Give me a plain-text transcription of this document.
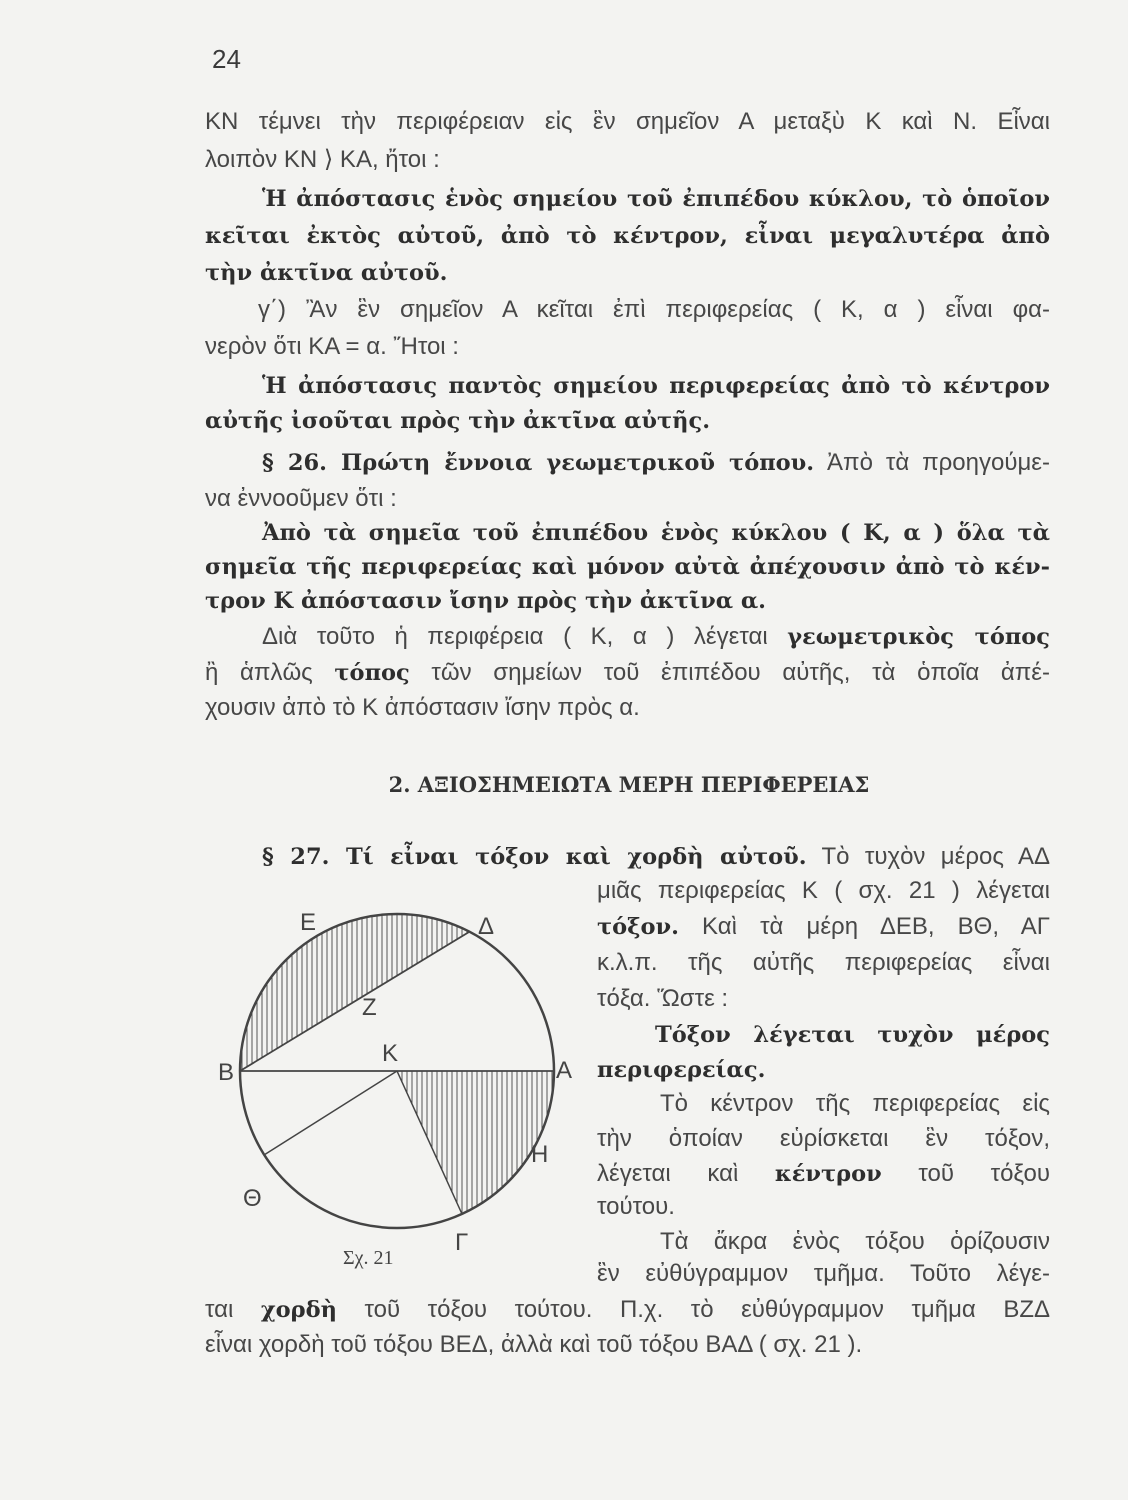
24
KN τέμνει τὴν περιφέρειαν εἰς ἓν σημεῖον Α μεταξὺ Κ καὶ Ν. Εἶναι
λοιπὸν ΚΝ ⟩ ΚΑ, ἤτοι :
Ἡ ἀπόστασις ἑνὸς σημείου τοῦ ἐπιπέδου κύκλου, τὸ ὁποῖον
κεῖται ἐκτὸς αὐτοῦ, ἀπὸ τὸ κέντρον, εἶναι μεγαλυτέρα ἀπὸ
τὴν ἀκτῖνα αὐτοῦ.
γ΄) Ἂν ἓν σημεῖον Α κεῖται ἐπὶ περιφερείας ( Κ, α ) εἶναι φα-
νερὸν ὅτι ΚΑ = α. Ἤτοι :
Ἡ ἀπόστασις παντὸς σημείου περιφερείας ἀπὸ τὸ κέντρον
αὐτῆς ἰσοῦται πρὸς τὴν ἀκτῖνα αὐτῆς.
§ 26. Πρώτη ἔννοια γεωμετρικοῦ τόπου. Ἀπὸ τὰ προηγούμε-
να ἐννοοῦμεν ὅτι :
Ἀπὸ τὰ σημεῖα τοῦ ἐπιπέδου ἑνὸς κύκλου ( Κ, α ) ὅλα τὰ
σημεῖα τῆς περιφερείας καὶ μόνον αὐτὰ ἀπέχουσιν ἀπὸ τὸ κέν-
τρον Κ ἀπόστασιν ἴσην πρὸς τὴν ἀκτῖνα α.
Διὰ τοῦτο ἡ περιφέρεια ( Κ, α ) λέγεται γεωμετρικὸς τόπος
ἢ ἁπλῶς τόπος τῶν σημείων τοῦ ἐπιπέδου αὐτῆς, τὰ ὁποῖα ἀπέ-
χουσιν ἀπὸ τὸ Κ ἀπόστασιν ἴσην πρὸς α.
§ 27. Τί εἶναι τόξον καὶ χορδὴ αὐτοῦ. Τὸ τυχὸν μέρος ΑΔ
μιᾶς περιφερείας Κ ( σχ. 21 ) λέγεται
τόξον. Καὶ τὰ μέρη ΔΕΒ, ΒΘ, ΑΓ
κ.λ.π. τῆς αὐτῆς περιφερείας εἶναι
τόξα. Ὥστε :
Τόξον λέγεται τυχὸν μέρος
περιφερείας.
Τὸ κέντρον τῆς περιφερείας εἰς
τὴν ὁποίαν εὑρίσκεται ἓν τόξον,
λέγεται καὶ κέντρον τοῦ τόξου
τούτου.
Τὰ ἄκρα ἑνὸς τόξου ὁρίζουσιν
ἓν εὐθύγραμμον τμῆμα. Τοῦτο λέγε-
ται χορδὴ τοῦ τόξου τούτου. Π.χ. τὸ εὐθύγραμμον τμῆμα ΒΖΔ
εἶναι χορδὴ τοῦ τόξου ΒΕΔ, ἀλλὰ καὶ τοῦ τόξου ΒΑΔ ( σχ. 21 ).
2. ΑΞΙΟΣΗΜΕΙΩΤΑ ΜΕΡΗ ΠΕΡΙΦΕΡΕΙΑΣ
Ε	Δ
Ζ
Κ
Β	Α
Η
Θ
Γ
Σχ. 21
